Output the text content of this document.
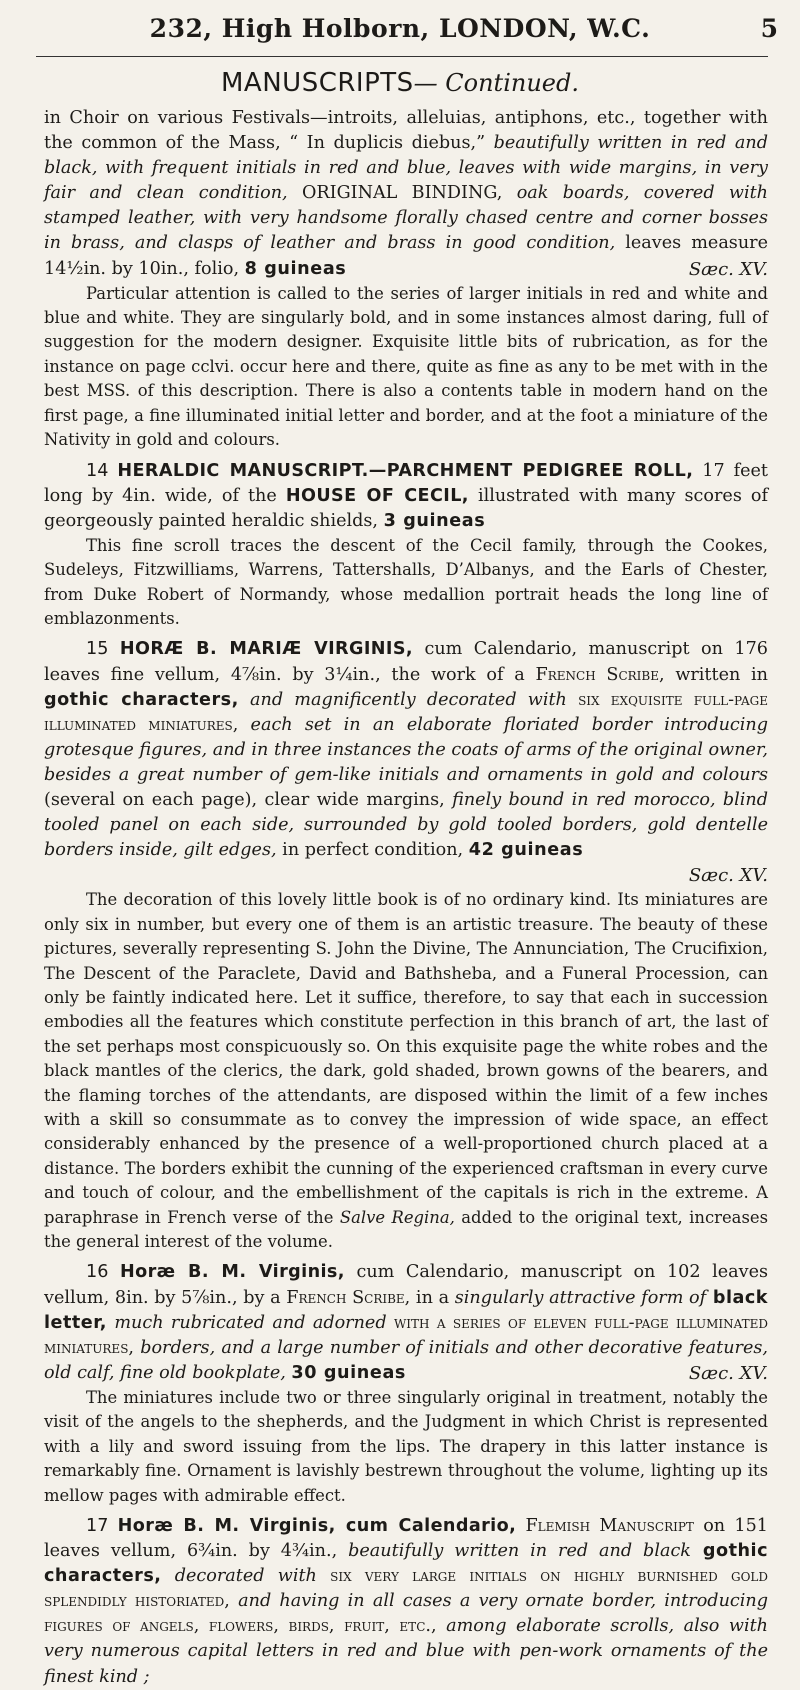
232, High Holborn, LONDON, W.C.	5
MANUSCRIPTS— Continued.

in Choir on various Festivals—introits, alleluias, antiphons, etc., together with the common of the Mass, “ In duplicis diebus,” beautifully written in red and black, with frequent initials in red and blue, leaves with wide margins, in very fair and clean condition, ORIGINAL BINDING, oak boards, covered with stamped leather, with very handsome florally chased centre and corner bosses in brass, and clasps of leather and brass in good condition, leaves measure 14½in. by 10in., folio, 8 guineas	Sæc. XV.

Particular attention is called to the series of larger initials in red and white and blue and white. They are singularly bold, and in some instances almost daring, full of suggestion for the modern designer. Exquisite little bits of rubrication, as for the instance on page cclvi. occur here and there, quite as fine as any to be met with in the best MSS. of this description. There is also a contents table in modern hand on the first page, a fine illuminated initial letter and border, and at the foot a miniature of the Nativity in gold and colours.

14 HERALDIC MANUSCRIPT.—PARCHMENT PEDIGREE ROLL, 17 feet long by 4in. wide, of the HOUSE OF CECIL, illustrated with many scores of georgeously painted heraldic shields, 3 guineas

This fine scroll traces the descent of the Cecil family, through the Cookes, Sudeleys, Fitzwilliams, Warrens, Tattershalls, D’Albanys, and the Earls of Chester, from Duke Robert of Normandy, whose medallion portrait heads the long line of emblazonments.

15 HORÆ B. MARIÆ VIRGINIS, cum Calendario, manuscript on 176 leaves fine vellum, 4⅞in. by 3¼in., the work of a French Scribe, written in gothic characters, and magnificently decorated with six exquisite full-page illuminated miniatures, each set in an elaborate floriated border introducing grotesque figures, and in three instances the coats of arms of the original owner, besides a great number of gem-like initials and ornaments in gold and colours (several on each page), clear wide margins, finely bound in red morocco, blind tooled panel on each side, surrounded by gold tooled borders, gold dentelle borders inside, gilt edges, in perfect condition, 42 guineas

Sæc. XV.

The decoration of this lovely little book is of no ordinary kind. Its miniatures are only six in number, but every one of them is an artistic treasure. The beauty of these pictures, severally representing S. John the Divine, The Annunciation, The Crucifixion, The Descent of the Paraclete, David and Bathsheba, and a Funeral Procession, can only be faintly indicated here. Let it suffice, therefore, to say that each in succession embodies all the features which constitute perfection in this branch of art, the last of the set perhaps most conspicuously so. On this exquisite page the white robes and the black mantles of the clerics, the dark, gold shaded, brown gowns of the bearers, and the flaming torches of the attendants, are disposed within the limit of a few inches with a skill so consummate as to convey the impression of wide space, an effect considerably enhanced by the presence of a well-proportioned church placed at a distance. The borders exhibit the cunning of the experienced craftsman in every curve and touch of colour, and the embellishment of the capitals is rich in the extreme. A paraphrase in French verse of the Salve Regina, added to the original text, increases the general interest of the volume.

16 Horæ B. M. Virginis, cum Calendario, manuscript on 102 leaves vellum, 8in. by 5⅞in., by a French Scribe, in a singularly attractive form of black letter, much rubricated and adorned with a series of eleven full-page illuminated miniatures, borders, and a large number of initials and other decorative features, old calf, fine old bookplate, 30 guineas	Sæc. XV.

The miniatures include two or three singularly original in treatment, notably the visit of the angels to the shepherds, and the Judgment in which Christ is represented with a lily and sword issuing from the lips. The drapery in this latter instance is remarkably fine. Ornament is lavishly bestrewn throughout the volume, lighting up its mellow pages with admirable effect.

17 Horæ B. M. Virginis, cum Calendario, Flemish Manuscript on 151 leaves vellum, 6¾in. by 4¾in., beautifully written in red and black gothic characters, decorated with six very large initials on highly burnished gold splendidly historiated, and having in all cases a very ornate border, introducing figures of angels, flowers, birds, fruit, etc., among elaborate scrolls, also with very numerous capital letters in red and blue with pen-work ornaments of the finest kind ;
